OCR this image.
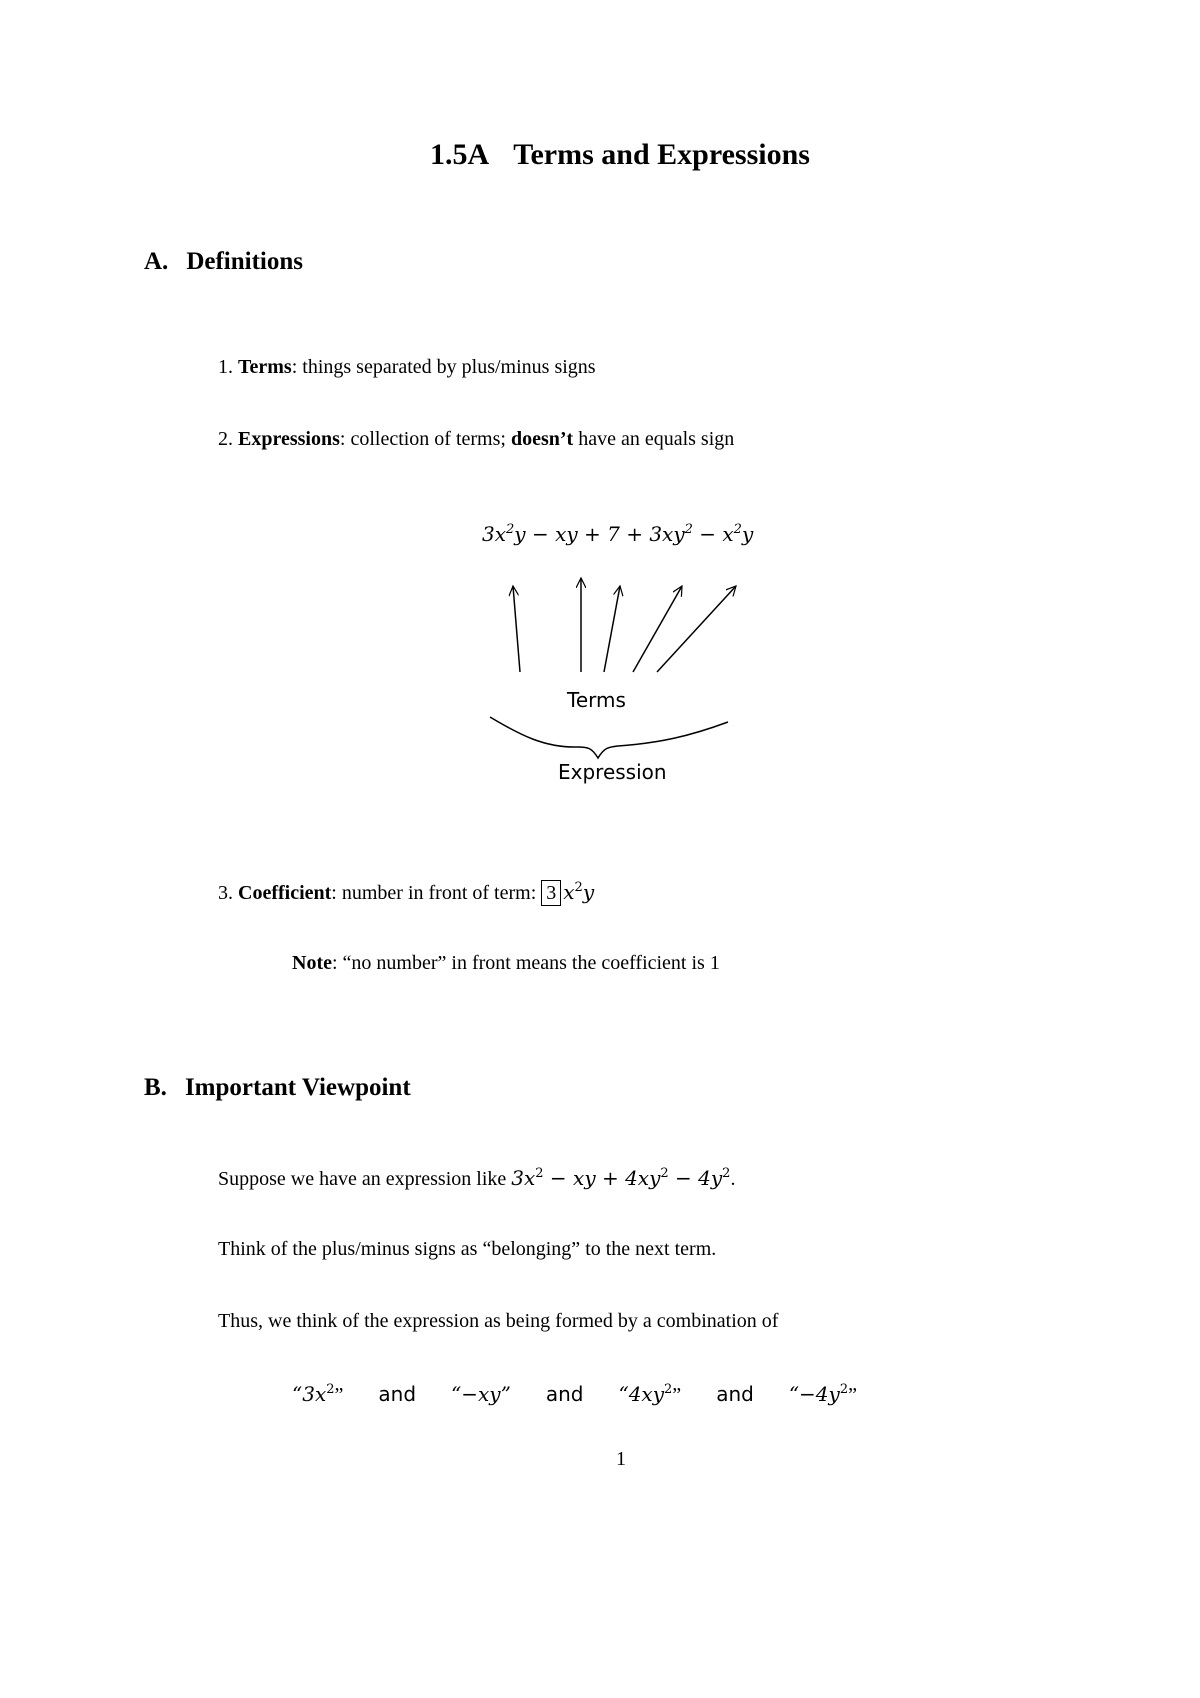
1.5A Terms and Expressions
A. Definitions
1. Terms: things separated by plus/minus signs
2. Expressions: collection of terms; doesn’t have an equals sign
$3x^2y$ − xy + $7 + 3xy^2 - x^2y$
Terms
Expression
3. Coefficient: number in front of term: 3 $x^2y$
Note: “no number” in front means the coefficient is 1
B. Important Viewpoint
Suppose we have an expression like $3x^2$ − xy + $4xy^2 - 4y^2$.
Think of the plus/minus signs as “belonging” to the next term.
Thus, we think of the expression as being formed by a combination of
“$3x^2$” and “−xy” and “$4xy^2$” and “$-4y^2$”
1
